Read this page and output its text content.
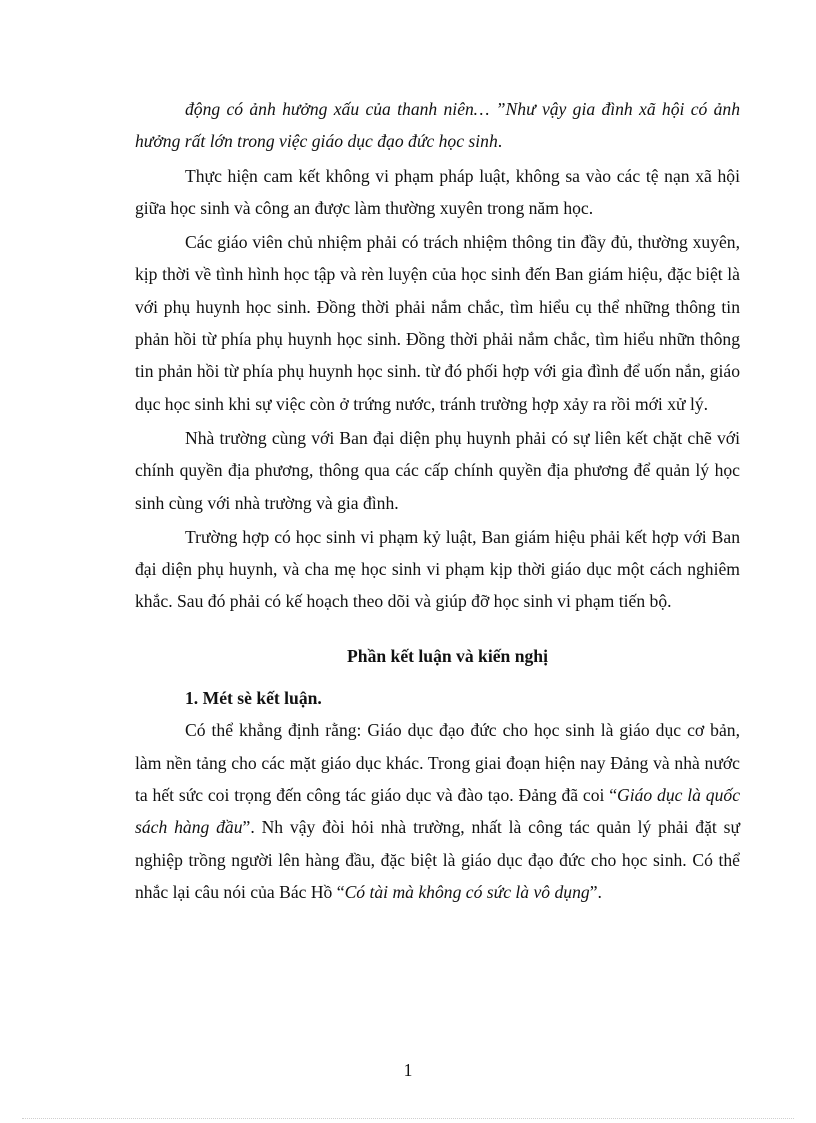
động có ảnh hưởng xấu của thanh niên… ”Như vậy gia đình xã hội có ảnh hưởng rất lớn trong việc giáo dục đạo đức học sinh.

Thực hiện cam kết không vi phạm pháp luật, không sa vào các tệ nạn xã hội giữa học sinh và công an được làm thường xuyên trong năm học.

Các giáo viên chủ nhiệm phải có trách nhiệm thông tin đầy đủ, thường xuyên, kịp thời về tình hình học tập và rèn luyện của học sinh đến Ban giám hiệu, đặc biệt là với phụ huynh học sinh. Đồng thời phải nắm chắc, tìm hiểu cụ thể những thông tin phản hồi từ phía phụ huynh học sinh. Đồng thời phải nắm chắc, tìm hiểu nhữn thông tin phản hồi từ phía phụ huynh học sinh. từ đó phối hợp với gia đình để uốn nắn, giáo dục học sinh khi sự việc còn ở trứng nước, tránh trường hợp xảy ra rồi mới xử lý.

Nhà trường cùng với Ban đại diện phụ huynh phải có sự liên kết chặt chẽ với chính quyền địa phương, thông qua các cấp chính quyền địa phương để quản lý học sinh cùng với nhà trường và gia đình.

Trường hợp có học sinh vi phạm kỷ luật, Ban giám hiệu phải kết hợp với Ban đại diện phụ huynh, và cha mẹ học sinh vi phạm kịp thời giáo dục một cách nghiêm khắc. Sau đó phải có kế hoạch theo dõi và giúp đỡ học sinh vi phạm tiến bộ.

Phần kết luận và kiến nghị

1. Mét sè kết luận.

Có thể khẳng định rằng: Giáo dục đạo đức cho học sinh là giáo dục cơ bản, làm nền tảng cho các mặt giáo dục khác. Trong giai đoạn hiện nay Đảng và nhà nước ta hết sức coi trọng đến công tác giáo dục và đào tạo. Đảng đã coi “Giáo dục là quốc sách hàng đầu”. Nh vậy đòi hỏi nhà trường, nhất là công tác quản lý phải đặt sự nghiệp trồng người lên hàng đầu, đặc biệt là giáo dục đạo đức cho học sinh. Có thể nhắc lại câu nói của Bác Hồ “Có tài mà không có sức là vô dụng”.

1
